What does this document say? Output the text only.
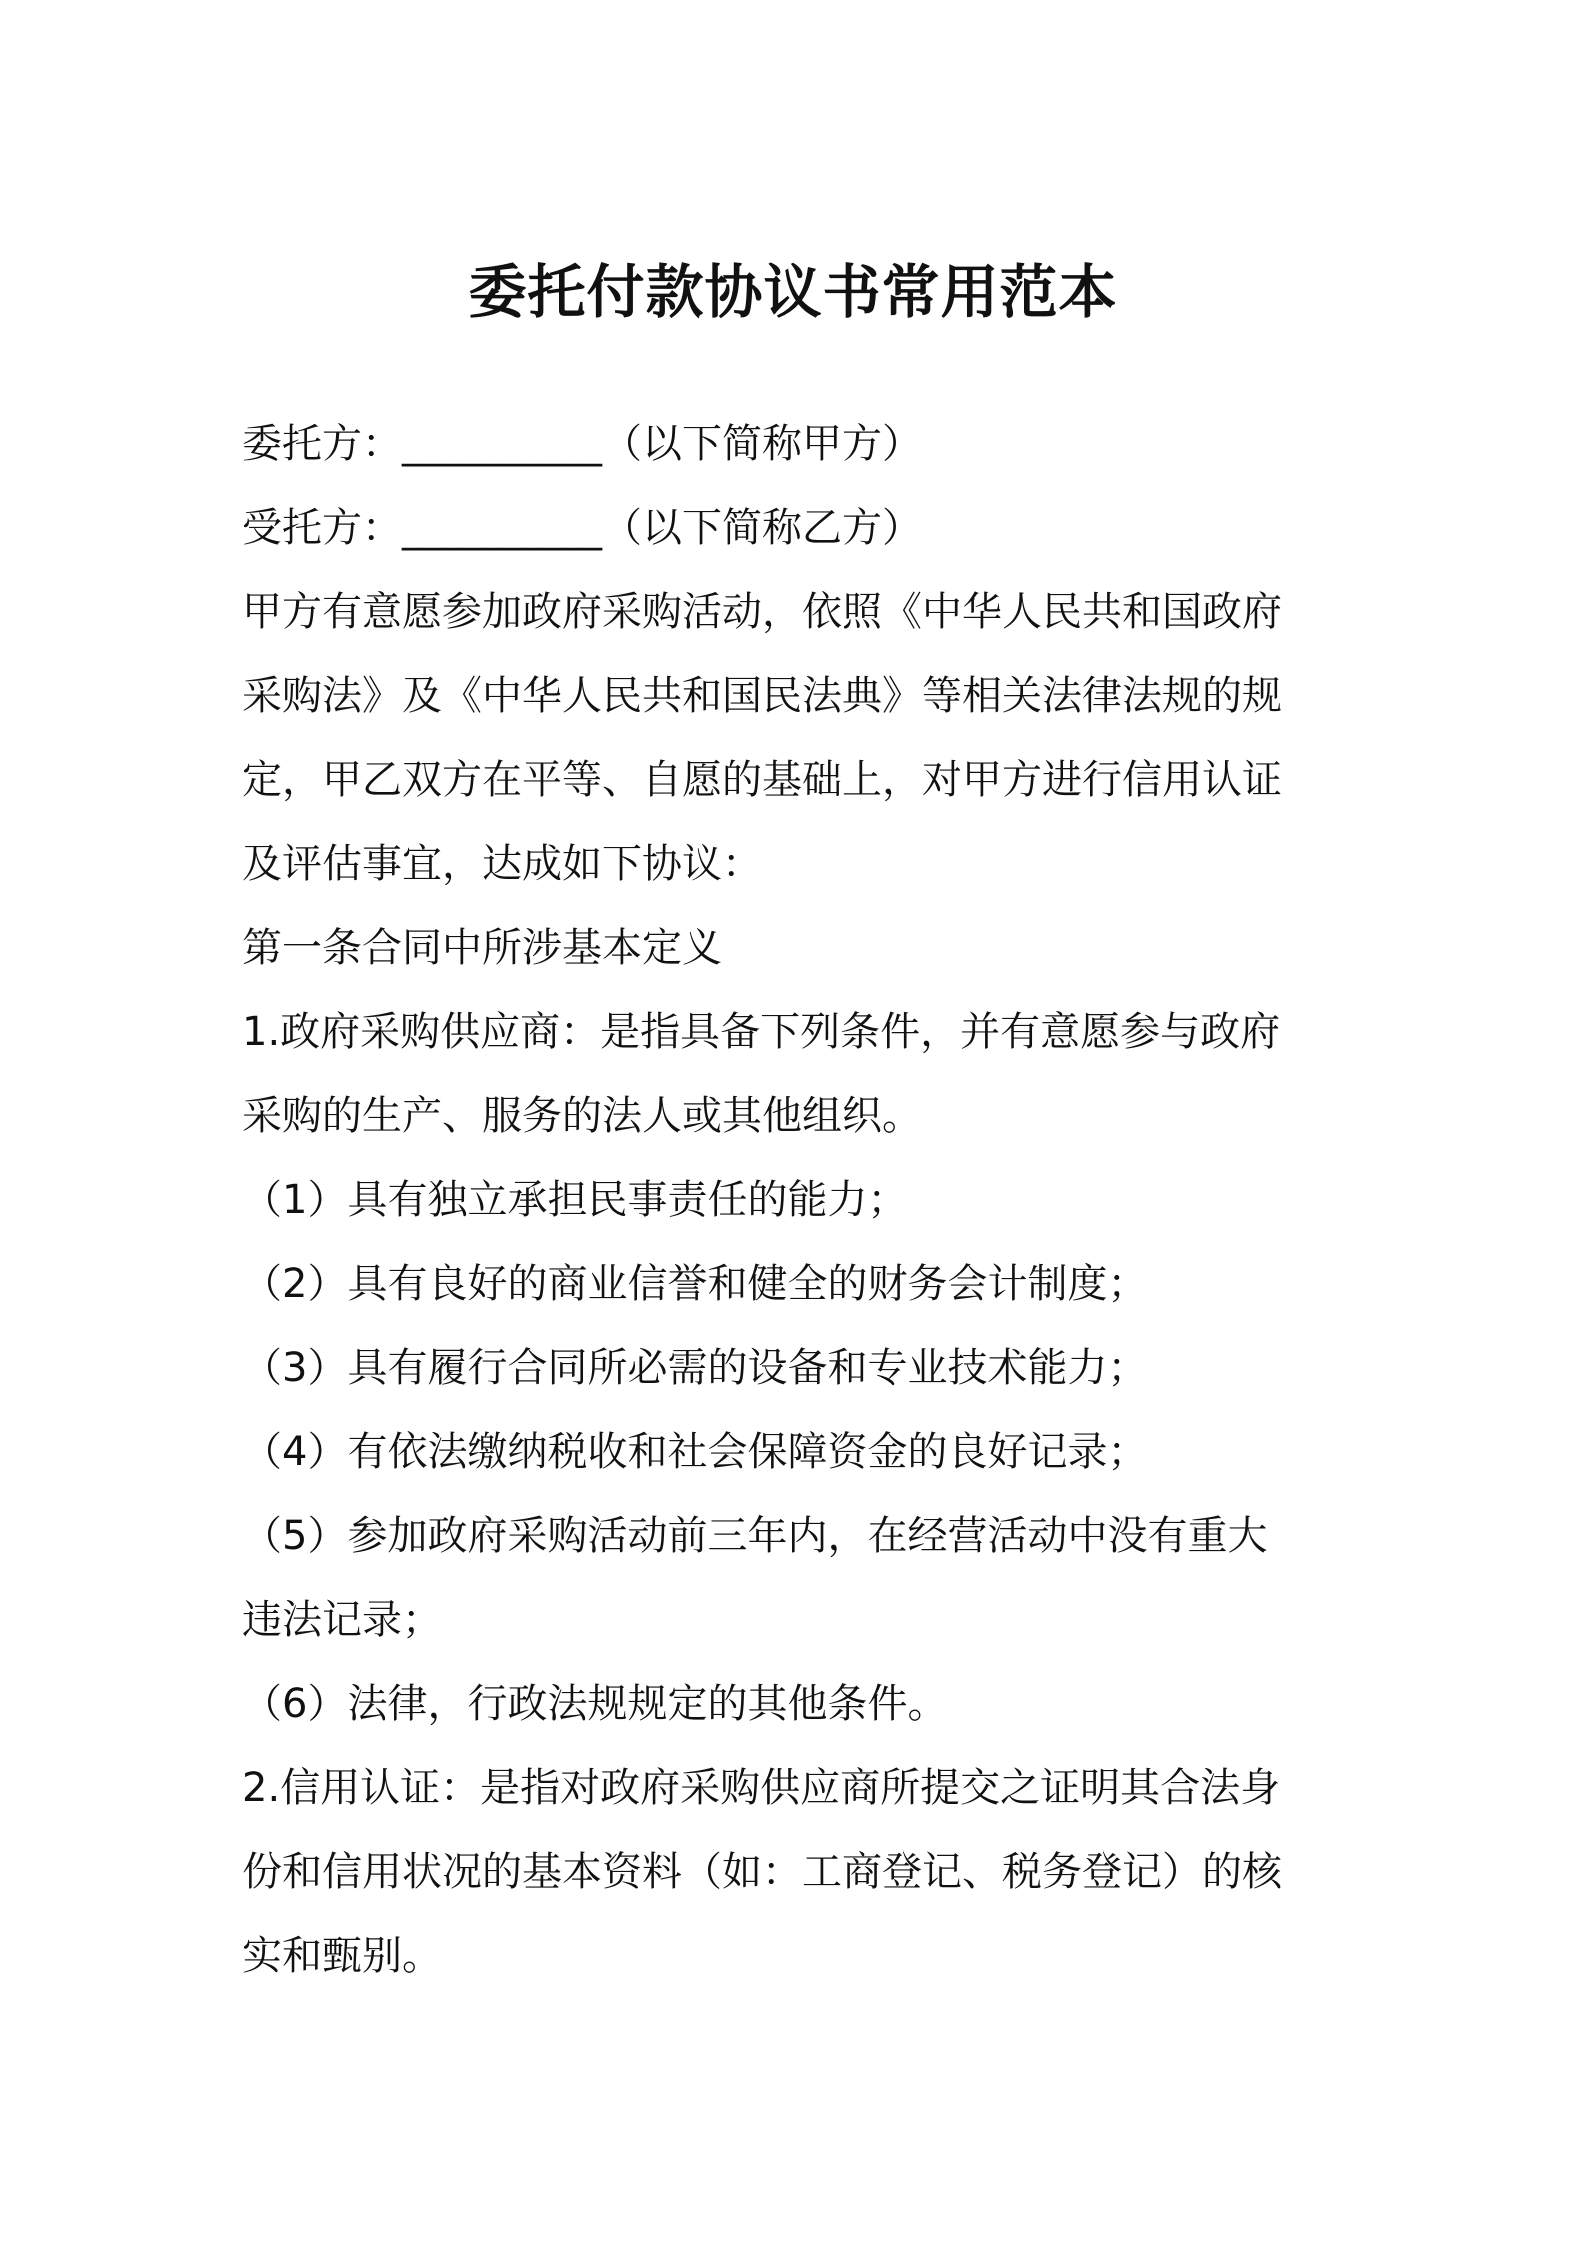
委托付款协议书常用范本
委托方：__________（以下简称甲方）
受托方：__________（以下简称乙方）
甲方有意愿参加政府采购活动，依照《中华人民共和国政府
采购法》及《中华人民共和国民法典》等相关法律法规的规
定，甲乙双方在平等、自愿的基础上，对甲方进行信用认证
及评估事宜，达成如下协议：
第一条合同中所涉基本定义
1.政府采购供应商：是指具备下列条件，并有意愿参与政府
采购的生产、服务的法人或其他组织。
（1）具有独立承担民事责任的能力；
（2）具有良好的商业信誉和健全的财务会计制度；
（3）具有履行合同所必需的设备和专业技术能力；
（4）有依法缴纳税收和社会保障资金的良好记录；
（5）参加政府采购活动前三年内，在经营活动中没有重大
违法记录；
（6）法律，行政法规规定的其他条件。
2.信用认证：是指对政府采购供应商所提交之证明其合法身
份和信用状况的基本资料（如：工商登记、税务登记）的核
实和甄别。
